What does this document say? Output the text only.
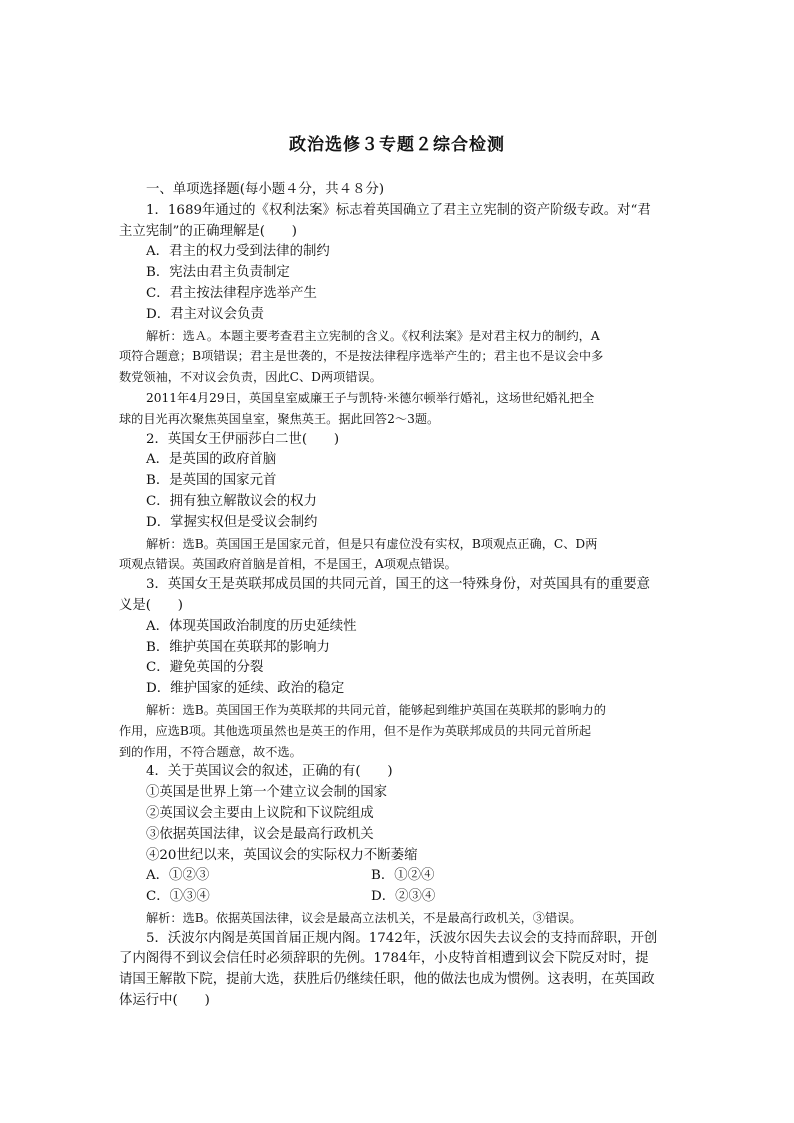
政治选修３专题２综合检测
一、单项选择题(每小题４分，共４８分)
1．1689年通过的《权利法案》标志着英国确立了君主立宪制的资产阶级专政。对“君
主立宪制”的正确理解是(　　)
A．君主的权力受到法律的制约
B．宪法由君主负责制定
C．君主按法律程序选举产生
D．君主对议会负责
解析：选Ａ。本题主要考查君主立宪制的含义。《权利法案》是对君主权力的制约，A
项符合题意；B项错误；君主是世袭的，不是按法律程序选举产生的；君主也不是议会中多
数党领袖，不对议会负责，因此C、D两项错误。
2011年4月29日，英国皇室威廉王子与凯特·米德尔顿举行婚礼，这场世纪婚礼把全
球的目光再次聚焦英国皇室，聚焦英王。据此回答2～3题。
2．英国女王伊丽莎白二世(　　)
A．是英国的政府首脑
B．是英国的国家元首
C．拥有独立解散议会的权力
D．掌握实权但是受议会制约
解析：选B。英国国王是国家元首，但是只有虚位没有实权，B项观点正确，C、D两
项观点错误。英国政府首脑是首相，不是国王，A项观点错误。
3．英国女王是英联邦成员国的共同元首，国王的这一特殊身份，对英国具有的重要意
义是(　　)
A．体现英国政治制度的历史延续性
B．维护英国在英联邦的影响力
C．避免英国的分裂
D．维护国家的延续、政治的稳定
解析：选B。英国国王作为英联邦的共同元首，能够起到维护英国在英联邦的影响力的
作用，应选B项。其他选项虽然也是英王的作用，但不是作为英联邦成员的共同元首所起
到的作用，不符合题意，故不选。
4．关于英国议会的叙述，正确的有(　　)
①英国是世界上第一个建立议会制的国家
②英国议会主要由上议院和下议院组成
③依据英国法律，议会是最高行政机关
④20世纪以来，英国议会的实际权力不断萎缩
A．①②③	B．①②④
C．①③④	D．②③④
解析：选B。依据英国法律，议会是最高立法机关，不是最高行政机关，③错误。
5．沃波尔内阁是英国首届正规内阁。1742年，沃波尔因失去议会的支持而辞职，开创
了内阁得不到议会信任时必须辞职的先例。1784年，小皮特首相遭到议会下院反对时，提
请国王解散下院，提前大选，获胜后仍继续任职，他的做法也成为惯例。这表明，在英国政
体运行中(　　)
